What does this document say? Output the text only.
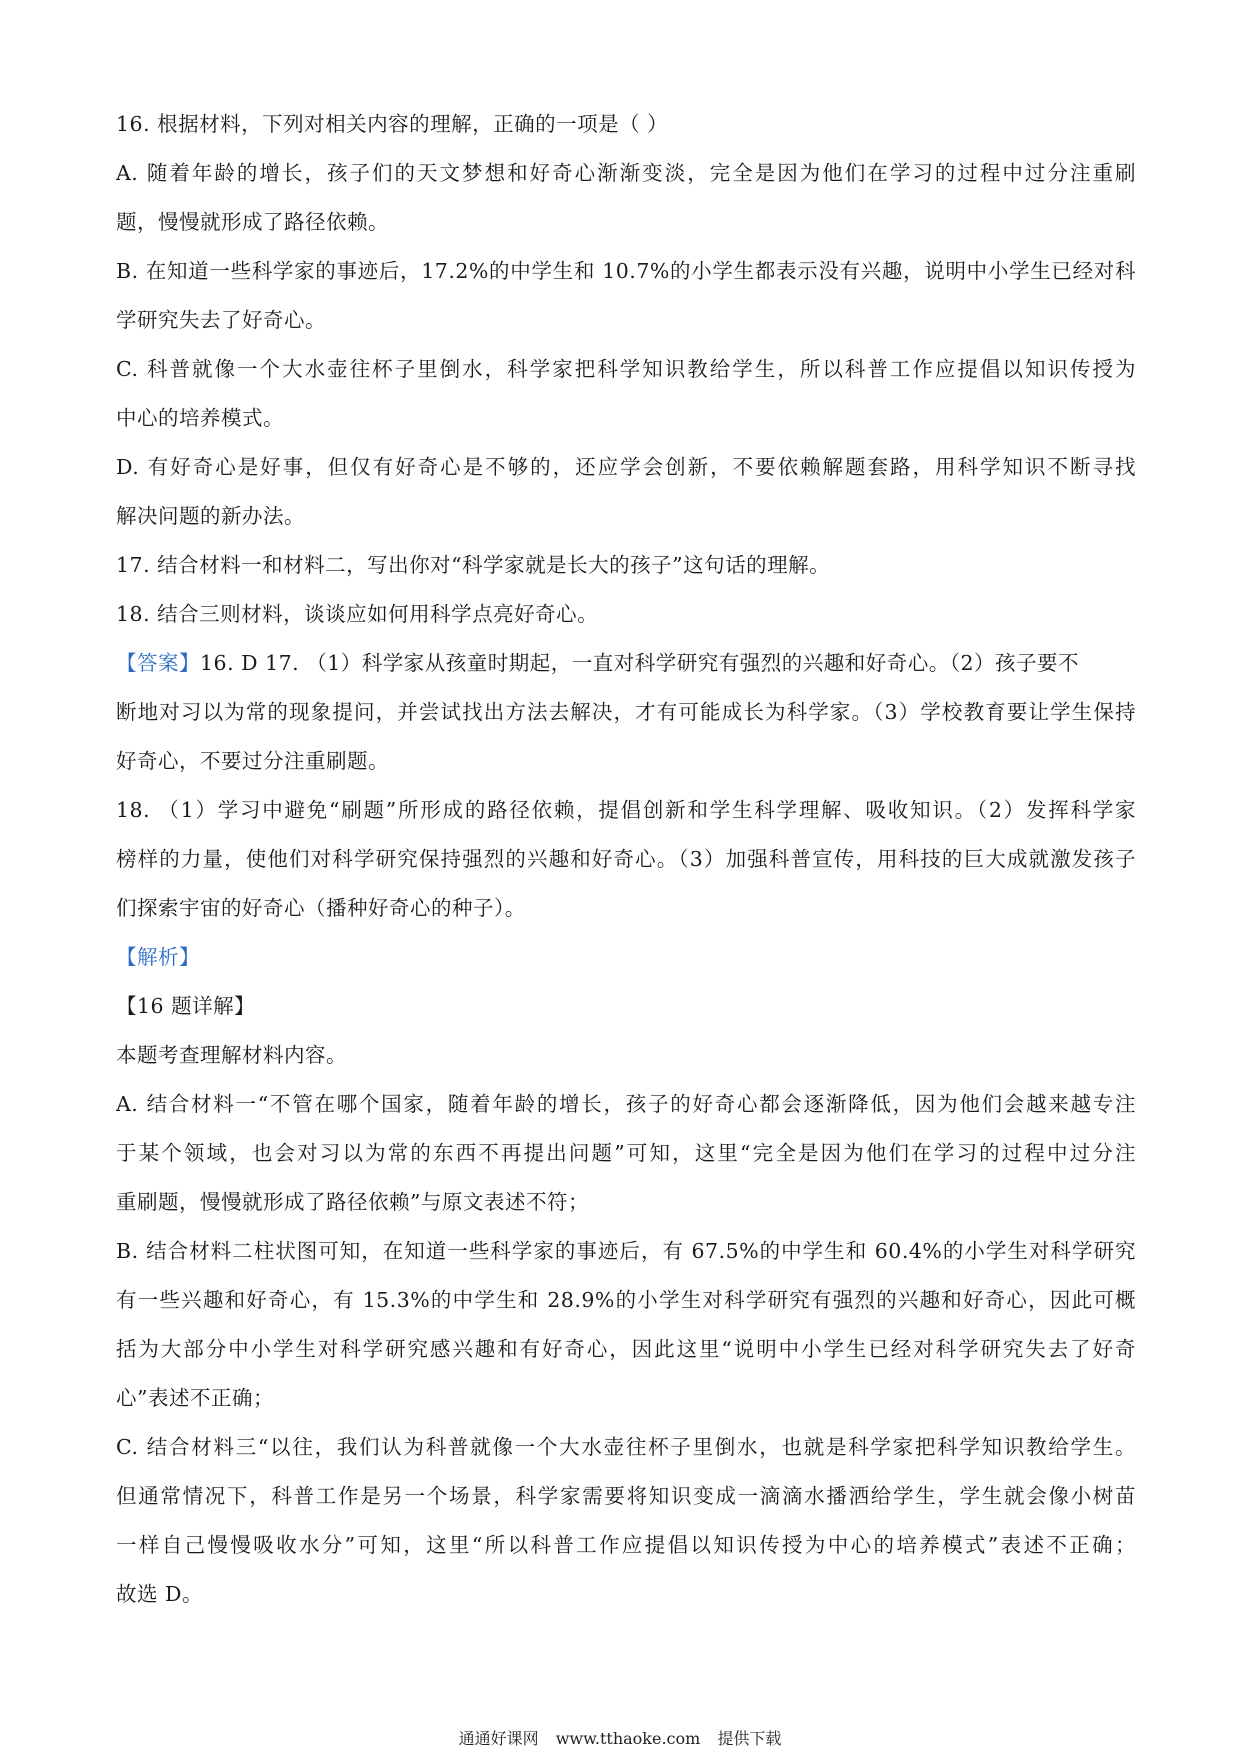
16. 根据材料，下列对相关内容的理解，正确的一项是（ ）
A. 随着年龄的增长，孩子们的天文梦想和好奇心渐渐变淡，完全是因为他们在学习的过程中过分注重刷
题，慢慢就形成了路径依赖。
B. 在知道一些科学家的事迹后，17.2%的中学生和 10.7%的小学生都表示没有兴趣，说明中小学生已经对科
学研究失去了好奇心。
C. 科普就像一个大水壶往杯子里倒水，科学家把科学知识教给学生，所以科普工作应提倡以知识传授为
中心的培养模式。
D. 有好奇心是好事，但仅有好奇心是不够的，还应学会创新，不要依赖解题套路，用科学知识不断寻找
解决问题的新办法。
17. 结合材料一和材料二，写出你对“科学家就是长大的孩子”这句话的理解。
18. 结合三则材料，谈谈应如何用科学点亮好奇心。
【答案】16. D 17. （1）科学家从孩童时期起，一直对科学研究有强烈的兴趣和好奇心。（2）孩子要不
断地对习以为常的现象提问，并尝试找出方法去解决，才有可能成长为科学家。（3）学校教育要让学生保持
好奇心，不要过分注重刷题。
18. （1）学习中避免“刷题”所形成的路径依赖，提倡创新和学生科学理解、吸收知识。（2）发挥科学家
榜样的力量，使他们对科学研究保持强烈的兴趣和好奇心。（3）加强科普宣传，用科技的巨大成就激发孩子
们探索宇宙的好奇心（播种好奇心的种子）。
【解析】
【16 题详解】
本题考查理解材料内容。
A. 结合材料一“不管在哪个国家，随着年龄的增长，孩子的好奇心都会逐渐降低，因为他们会越来越专注
于某个领域，也会对习以为常的东西不再提出问题”可知，这里“完全是因为他们在学习的过程中过分注
重刷题，慢慢就形成了路径依赖”与原文表述不符；
B. 结合材料二柱状图可知，在知道一些科学家的事迹后，有 67.5%的中学生和 60.4%的小学生对科学研究
有一些兴趣和好奇心，有 15.3%的中学生和 28.9%的小学生对科学研究有强烈的兴趣和好奇心，因此可概
括为大部分中小学生对科学研究感兴趣和有好奇心，因此这里“说明中小学生已经对科学研究失去了好奇
心”表述不正确；
C. 结合材料三“以往，我们认为科普就像一个大水壶往杯子里倒水，也就是科学家把科学知识教给学生。
但通常情况下，科普工作是另一个场景，科学家需要将知识变成一滴滴水播洒给学生，学生就会像小树苗
一样自己慢慢吸收水分”可知，这里“所以科普工作应提倡以知识传授为中心的培养模式”表述不正确；
故选 D。
通通好课网 www.tthaoke.com 提供下载
